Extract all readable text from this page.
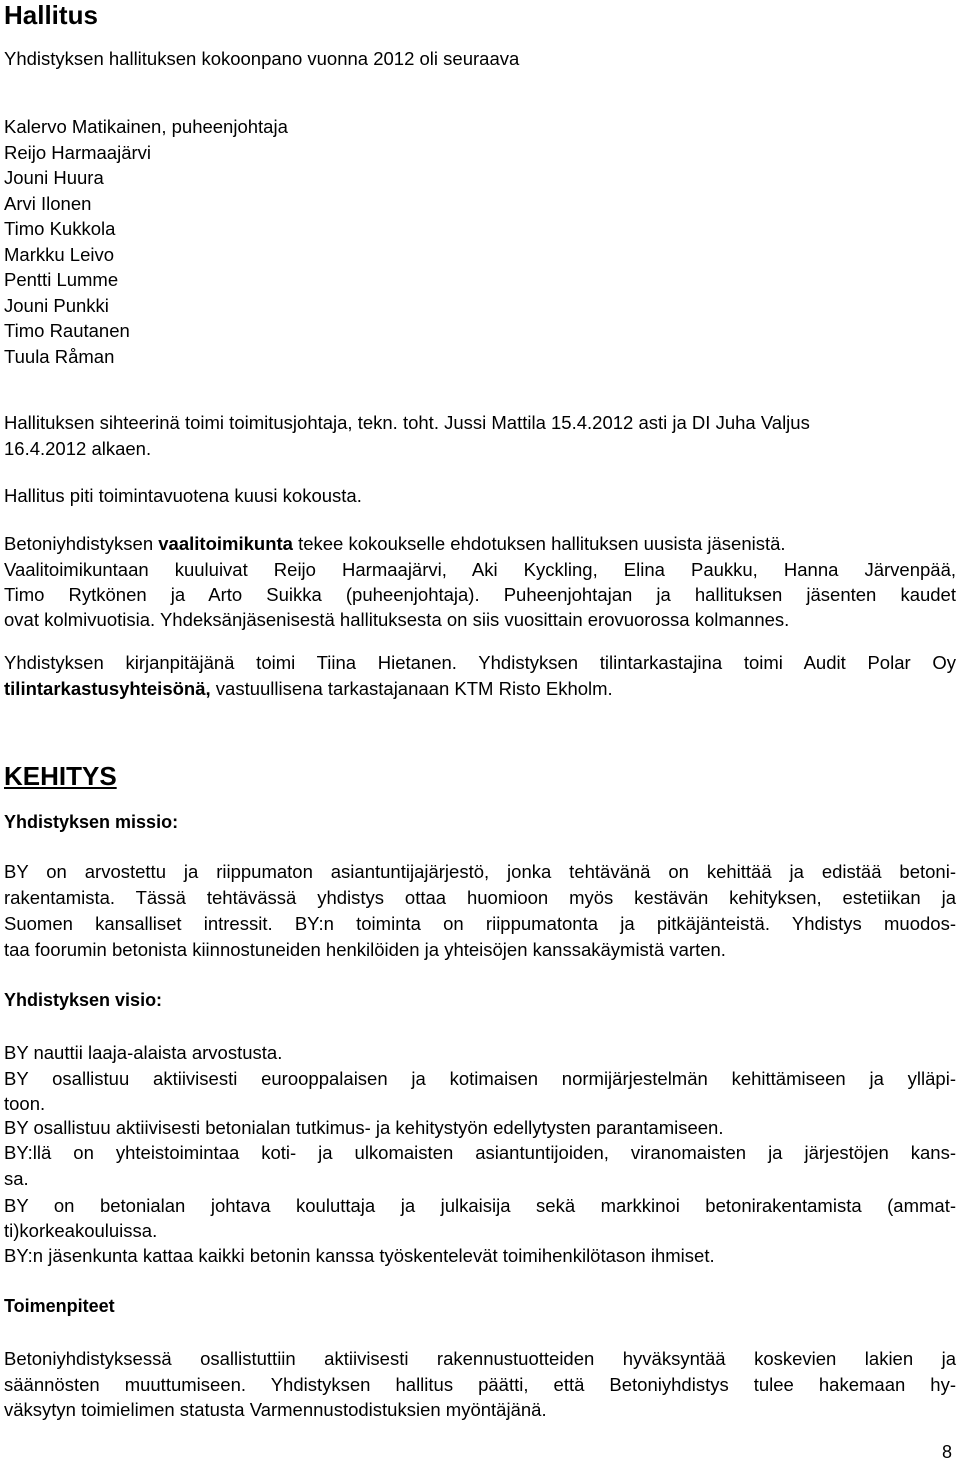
Hallitus

Yhdistyksen hallituksen kokoonpano vuonna 2012 oli seuraava

Kalervo Matikainen, puheenjohtaja

Reijo Harmaajärvi

Jouni Huura

Arvi Ilonen

Timo Kukkola

Markku Leivo

Pentti Lumme

Jouni Punkki

Timo Rautanen

Tuula Råman

Hallituksen sihteerinä toimi toimitusjohtaja, tekn. toht. Jussi Mattila 15.4.2012 asti ja DI Juha Valjus

16.4.2012 alkaen.

Hallitus piti toimintavuotena kuusi kokousta.

Betoniyhdistyksen vaalitoimikunta tekee kokoukselle ehdotuksen hallituksen uusista jäsenistä.

Vaalitoimikuntaan kuuluivat Reijo Harmaajärvi, Aki Kyckling, Elina Paukku, Hanna Järvenpää,

Timo Rytkönen ja Arto Suikka (puheenjohtaja). Puheenjohtajan ja hallituksen jäsenten kaudet

ovat kolmivuotisia. Yhdeksänjäsenisestä hallituksesta on siis vuosittain erovuorossa kolmannes.

Yhdistyksen kirjanpitäjänä toimi Tiina Hietanen. Yhdistyksen tilintarkastajina toimi Audit Polar Oy

tilintarkastusyhteisönä, vastuullisena tarkastajanaan KTM Risto Ekholm.

KEHITYS
Yhdistyksen missio:

BY on arvostettu ja riippumaton asiantuntijajärjestö, jonka tehtävänä on kehittää ja edistää betoni-

rakentamista. Tässä tehtävässä yhdistys ottaa huomioon myös kestävän kehityksen, estetiikan ja

Suomen kansalliset intressit. BY:n toiminta on riippumatonta ja pitkäjänteistä. Yhdistys muodos-

taa foorumin betonista kiinnostuneiden henkilöiden ja yhteisöjen kanssakäymistä varten.

Yhdistyksen visio:

BY nauttii laaja-alaista arvostusta.

BY osallistuu aktiivisesti eurooppalaisen ja kotimaisen normijärjestelmän kehittämiseen ja ylläpi-

toon.

BY osallistuu aktiivisesti betonialan tutkimus- ja kehitystyön edellytysten parantamiseen.

BY:llä on yhteistoimintaa koti- ja ulkomaisten asiantuntijoiden, viranomaisten ja järjestöjen kans-

sa.

BY on betonialan johtava kouluttaja ja julkaisija sekä markkinoi betonirakentamista (ammat-

ti)korkeakouluissa.

BY:n jäsenkunta kattaa kaikki betonin kanssa työskentelevät toimihenkilötason ihmiset.

Toimenpiteet

Betoniyhdistyksessä osallistuttiin aktiivisesti rakennustuotteiden hyväksyntää koskevien lakien ja

säännösten muuttumiseen. Yhdistyksen hallitus päätti, että Betoniyhdistys tulee hakemaan hy-

väksytyn toimielimen statusta Varmennustodistuksien myöntäjänä.

8
